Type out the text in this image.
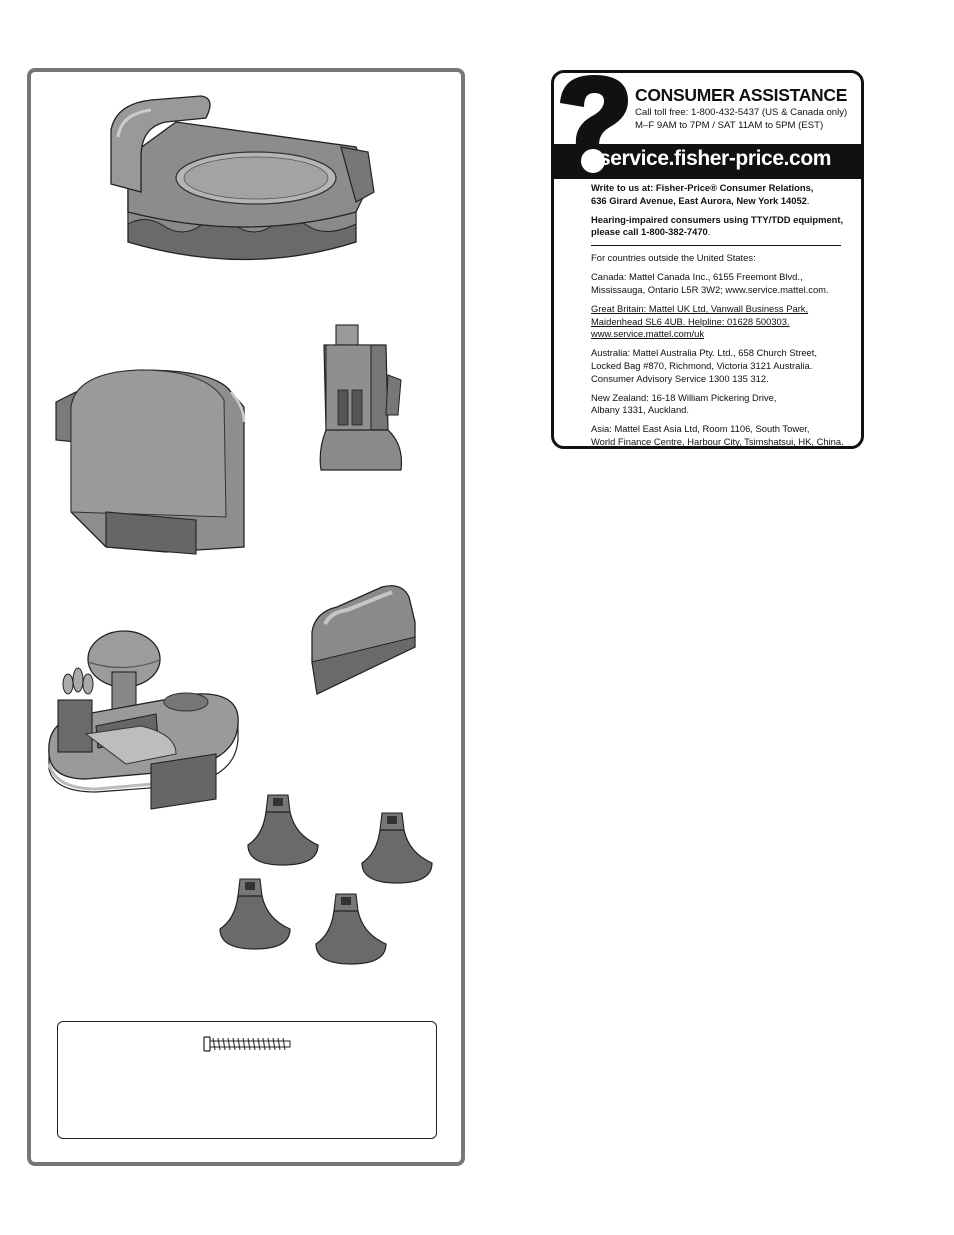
CONSUMER ASSISTANCE
Call toll free: 1-800-432-5437 (US & Canada only)
M–F 9AM to 7PM / SAT 11AM to 5PM (EST)
service.fisher-price.com

Write to us at: Fisher-Price® Consumer Relations,
636 Girard Avenue, East Aurora, New York 14052.

Hearing-impaired consumers using TTY/TDD equipment,
please call 1-800-382-7470.

For countries outside the United States:

Canada: Mattel Canada Inc., 6155 Freemont Blvd.,
Mississauga, Ontario L5R 3W2; www.service.mattel.com.

Great Britain: Mattel UK Ltd, Vanwall Business Park,
Maidenhead SL6 4UB. Helpline: 01628 500303.
www.service.mattel.com/uk

Australia: Mattel Australia Pty. Ltd., 658 Church Street,
Locked Bag #870, Richmond, Victoria 3121 Australia.
Consumer Advisory Service 1300 135 312.

New Zealand: 16-18 William Pickering Drive,
Albany 1331, Auckland.

Asia: Mattel East Asia Ltd, Room 1106, South Tower,
World Finance Centre, Harbour City, Tsimshatsui, HK, China.
